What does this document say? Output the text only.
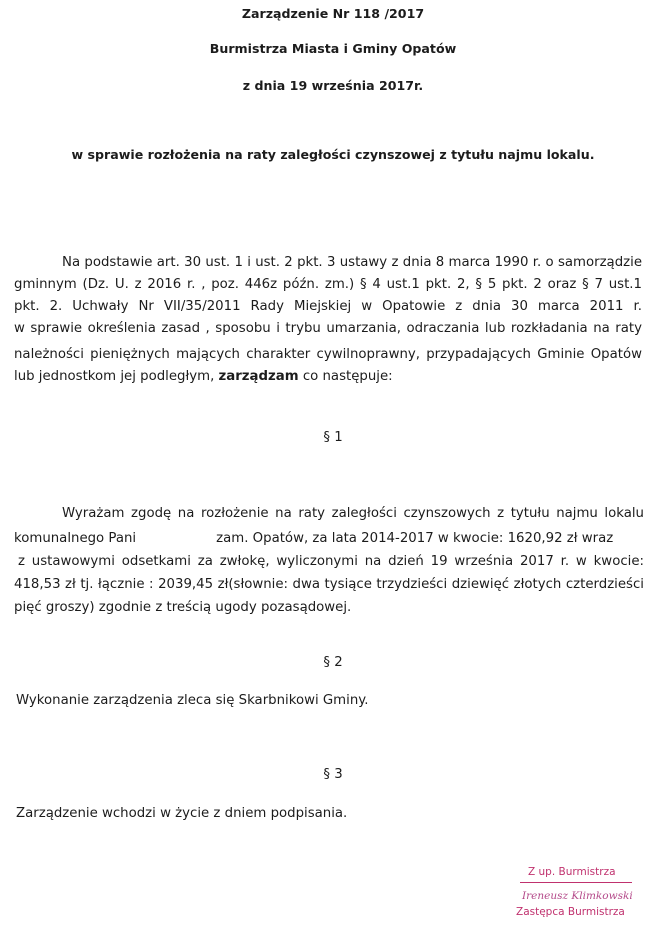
Zarządzenie Nr 118 /2017
Burmistrza Miasta i Gminy Opatów
z dnia 19 września 2017r.
w sprawie rozłożenia na raty zaległości czynszowej z tytułu najmu lokalu.
Na podstawie art. 30 ust. 1 i ust. 2 pkt. 3 ustawy z dnia 8 marca 1990 r. o samorządzie
gminnym (Dz. U. z 2016 r. , poz. 446z późn. zm.) § 4 ust.1 pkt. 2, § 5 pkt. 2 oraz § 7 ust.1
pkt. 2. Uchwały Nr VII/35/2011 Rady Miejskiej w Opatowie z dnia 30 marca 2011 r.
w sprawie określenia zasad , sposobu i trybu umarzania, odraczania lub rozkładania na raty
należności pieniężnych mających charakter cywilnoprawny, przypadających Gminie Opatów
lub jednostkom jej podległym, zarządzam co następuje:
§ 1
Wyrażam zgodę na rozłożenie na raty zaległości czynszowych z tytułu najmu lokalu
komunalnego Pani	zam. Opatów, za lata 2014-2017 w kwocie: 1620,92 zł wraz
z ustawowymi odsetkami za zwłokę, wyliczonymi na dzień 19 września 2017 r. w kwocie:
418,53 zł tj. łącznie : 2039,45 zł(słownie: dwa tysiące trzydzieści dziewięć złotych czterdzieści
pięć groszy) zgodnie z treścią ugody pozasądowej.
§ 2
Wykonanie zarządzenia zleca się Skarbnikowi Gminy.
§ 3
Zarządzenie wchodzi w życie z dniem podpisania.
Z up. Burmistrza
Ireneusz Klimkowski
Zastępca Burmistrza
